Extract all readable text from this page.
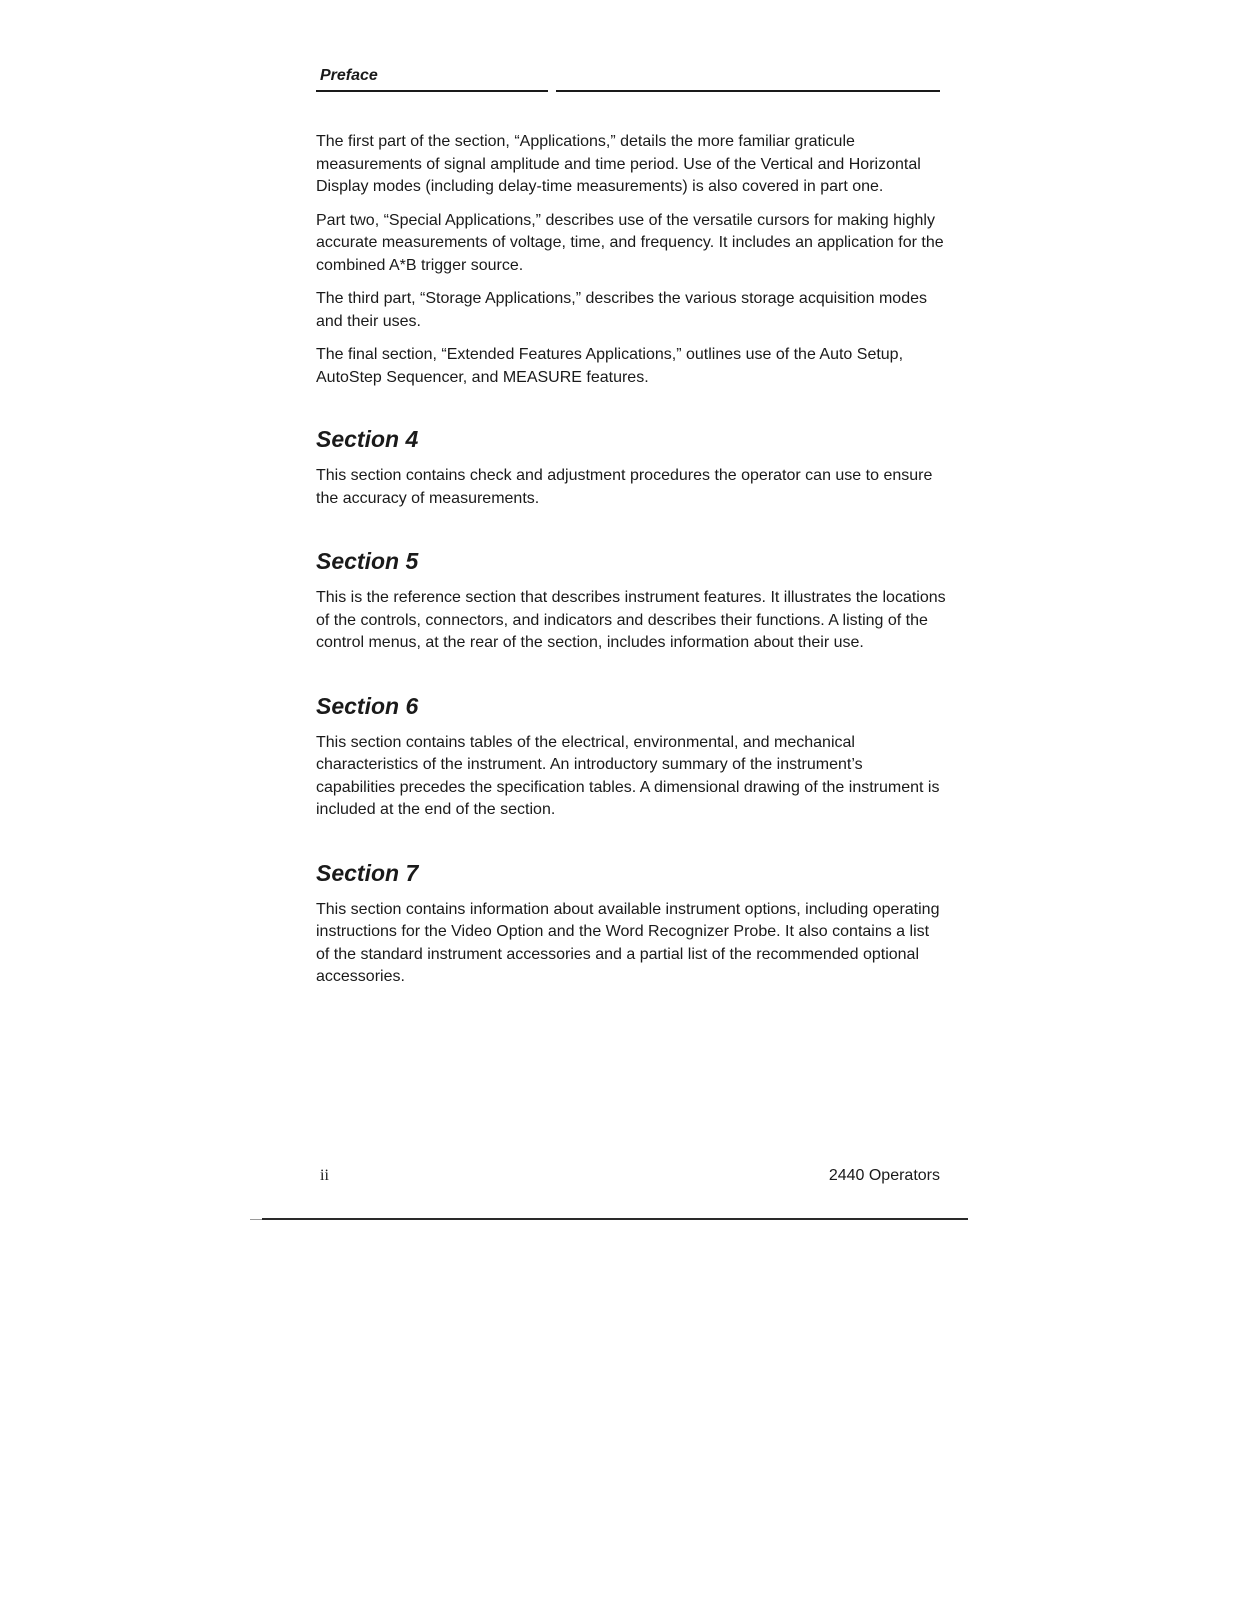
Preface

The first part of the section, “Applications,” details the more familiar graticule measurements of signal amplitude and time period. Use of the Vertical and Horizontal Display modes (including delay-time measurements) is also covered in part one.

Part two, “Special Applications,” describes use of the versatile cursors for making highly accurate measurements of voltage, time, and frequency. It includes an application for the combined A*B trigger source.

The third part, “Storage Applications,” describes the various storage acquisition modes and their uses.

The final section, “Extended Features Applications,” outlines use of the Auto Setup, AutoStep Sequencer, and MEASURE features.

Section 4

This section contains check and adjustment procedures the operator can use to ensure the accuracy of measurements.

Section 5

This is the reference section that describes instrument features. It illustrates the locations of the controls, connectors, and indicators and describes their functions. A listing of the control menus, at the rear of the section, includes information about their use.

Section 6

This section contains tables of the electrical, environmental, and mechanical characteristics of the instrument. An introductory summary of the instrument’s capabilities precedes the specification tables. A dimensional drawing of the instrument is included at the end of the section.

Section 7

This section contains information about available instrument options, including operating instructions for the Video Option and the Word Recognizer Probe. It also contains a list of the standard instrument accessories and a partial list of the recommended optional accessories.

ii	2440 Operators
